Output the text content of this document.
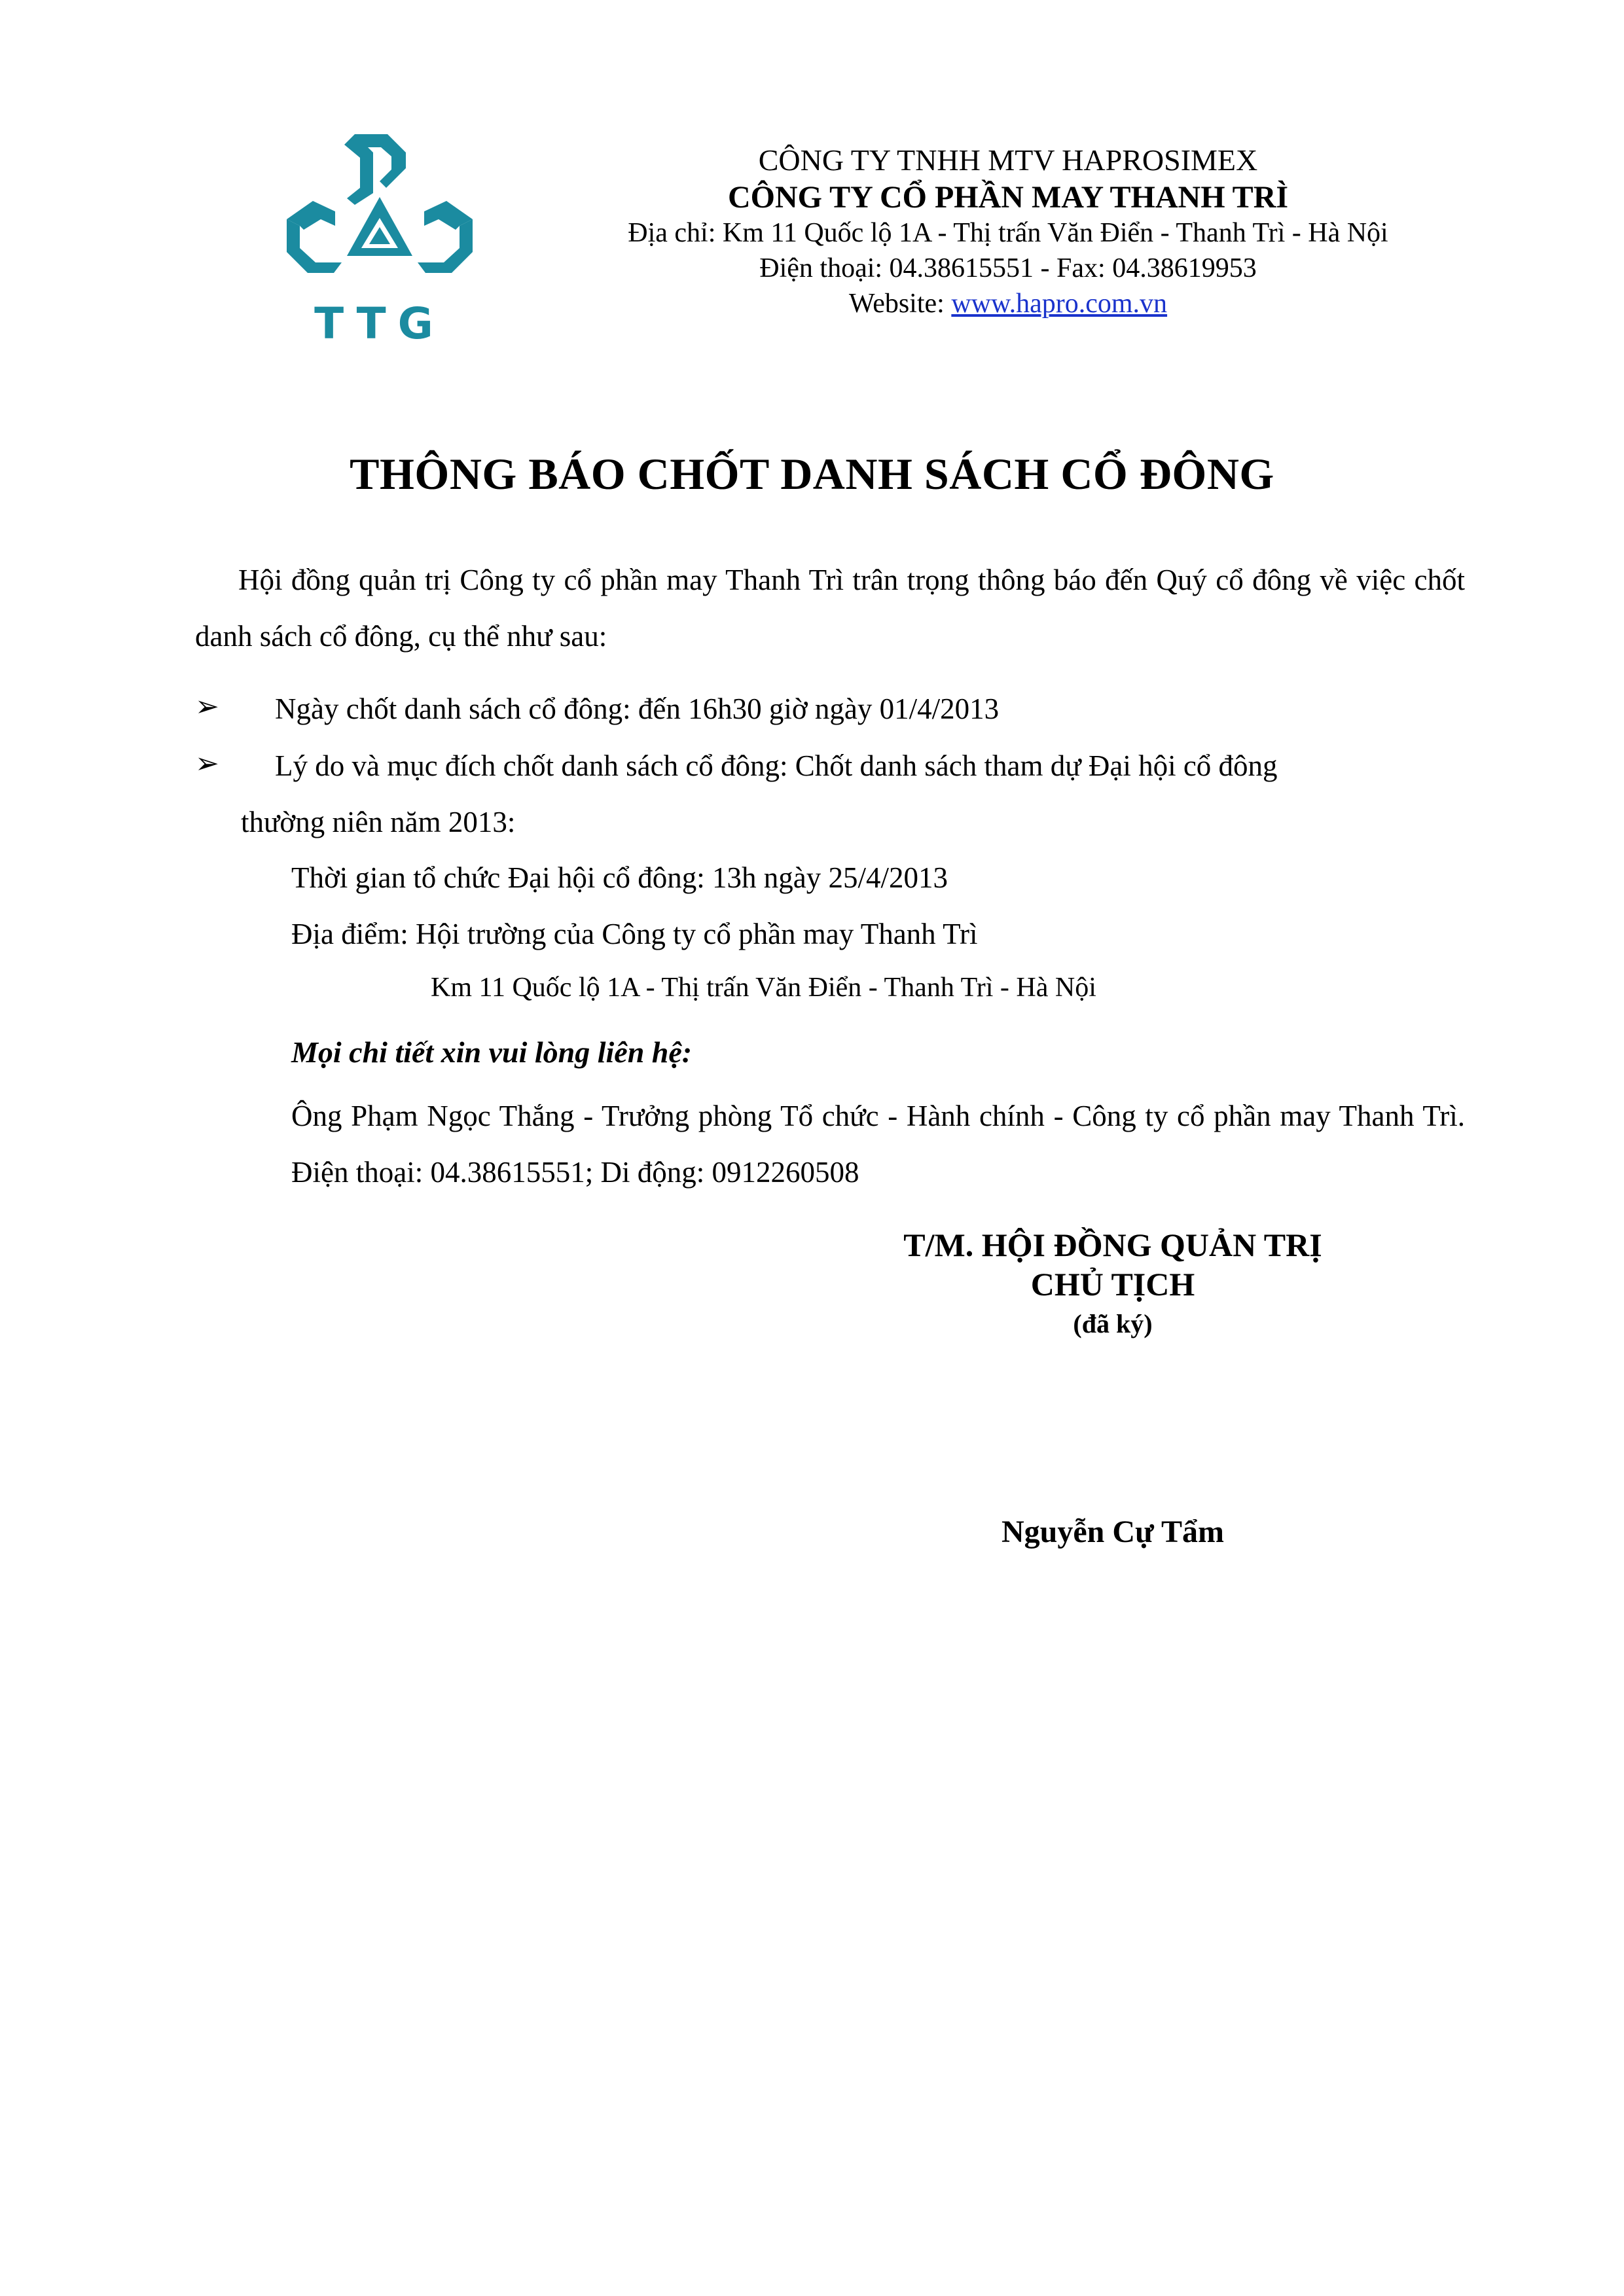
TTG
CÔNG TY TNHH MTV HAPROSIMEX
CÔNG TY CỔ PHẦN MAY THANH TRÌ
Địa chỉ: Km 11 Quốc lộ 1A - Thị trấn Văn Điển - Thanh Trì - Hà Nội
Điện thoại: 04.38615551 - Fax: 04.38619953
Website: www.hapro.com.vn
THÔNG BÁO CHỐT DANH SÁCH CỔ ĐÔNG
Hội đồng quản trị Công ty cổ phần may Thanh Trì trân trọng thông báo đến Quý cổ đông về việc chốt danh sách cổ đông, cụ thể như sau:
➢ Ngày chốt danh sách cổ đông: đến 16h30 giờ ngày 01/4/2013
➢ Lý do và mục đích chốt danh sách cổ đông: Chốt danh sách tham dự Đại hội cổ đông
thường niên năm 2013:
Thời gian tổ chức Đại hội cổ đông: 13h ngày 25/4/2013
Địa điểm: Hội trường của Công ty cổ phần may Thanh Trì
Km 11 Quốc lộ 1A - Thị trấn Văn Điển - Thanh Trì - Hà Nội
Mọi chi tiết xin vui lòng liên hệ:
Ông Phạm Ngọc Thắng - Trưởng phòng Tổ chức - Hành chính - Công ty cổ phần may Thanh Trì. Điện thoại: 04.38615551; Di động: 0912260508
T/M. HỘI ĐỒNG QUẢN TRỊ
CHỦ TỊCH
(đã ký)
Nguyễn Cự Tẩm
